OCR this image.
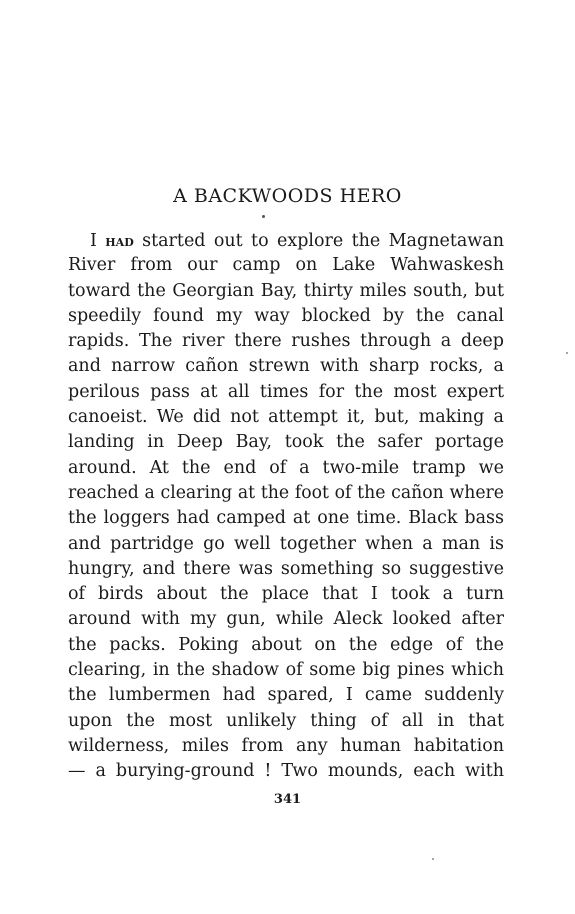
A BACKWOODS HERO
I had started out to explore the Magnetawan
River from our camp on Lake Wahwaskesh
toward the Georgian Bay, thirty miles south, but
speedily found my way blocked by the canal
rapids. The river there rushes through a deep
and narrow cañon strewn with sharp rocks, a
perilous pass at all times for the most expert
canoeist. We did not attempt it, but, making a
landing in Deep Bay, took the safer portage
around. At the end of a two-mile tramp we
reached a clearing at the foot of the cañon where
the loggers had camped at one time. Black bass
and partridge go well together when a man is
hungry, and there was something so suggestive
of birds about the place that I took a turn
around with my gun, while Aleck looked after
the packs. Poking about on the edge of the
clearing, in the shadow of some big pines which
the lumbermen had spared, I came suddenly
upon the most unlikely thing of all in that
wilderness, miles from any human habitation
— a burying-ground ! Two mounds, each with
341
